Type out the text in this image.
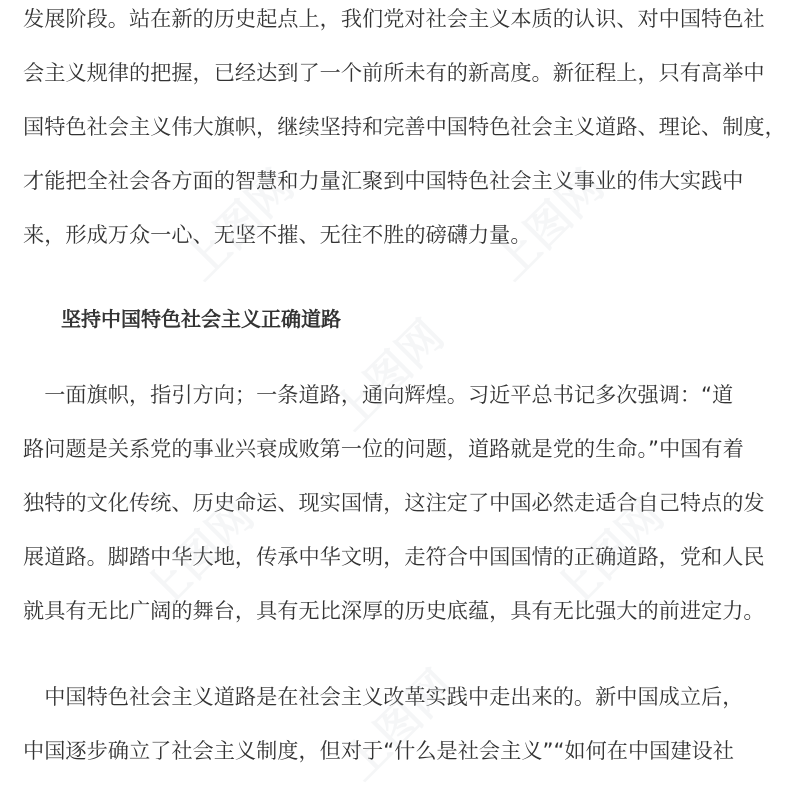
发展阶段。站在新的历史起点上，我们党对社会主义本质的认识、对中国特色社
会主义规律的把握，已经达到了一个前所未有的新高度。新征程上，只有高举中
国特色社会主义伟大旗帜，继续坚持和完善中国特色社会主义道路、理论、制度，
才能把全社会各方面的智慧和力量汇聚到中国特色社会主义事业的伟大实践中
来，形成万众一心、无坚不摧、无往不胜的磅礴力量。
坚持中国特色社会主义正确道路
　一面旗帜，指引方向；一条道路，通向辉煌。习近平总书记多次强调：“道
路问题是关系党的事业兴衰成败第一位的问题，道路就是党的生命。”中国有着
独特的文化传统、历史命运、现实国情，这注定了中国必然走适合自己特点的发
展道路。脚踏中华大地，传承中华文明，走符合中国国情的正确道路，党和人民
就具有无比广阔的舞台，具有无比深厚的历史底蕴，具有无比强大的前进定力。
　中国特色社会主义道路是在社会主义改革实践中走出来的。新中国成立后，
中国逐步确立了社会主义制度，但对于“什么是社会主义”“如何在中国建设社
上图网	上图网
上图网
上图网	上图网
上图网
